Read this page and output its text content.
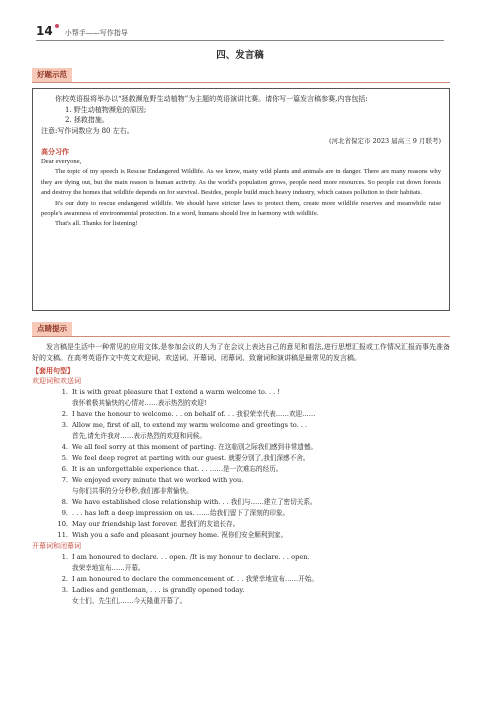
14	小帮手——写作指导
四、发言稿
好题示范
你校英语报将举办以“拯救濒危野生动植物”为主题的英语演讲比赛。请你写一篇发言稿参赛,内容包括:
1. 野生动植物濒危的原因;
2. 拯救措施。
注意:写作词数应为 80 左右。
(河北省保定市 2023 届高三 9 月联考)
高分习作
Dear everyone,
The topic of my speech is Rescue Endangered Wildlife. As we know, many wild plants and animals are in danger. There are many reasons why they are dying out, but the main reason is human activity. As the world's population grows, people need more resources. So people cut down forests and destroy the homes that wildlife depends on for survival. Besides, people build much heavy industry, which causes pollution to their habitats.
It's our duty to rescue endangered wildlife. We should have stricter laws to protect them, create more wildlife reserves and meanwhile raise people's awareness of environmental protection. In a word, humans should live in harmony with wildlife.
That's all. Thanks for listening!
点睛提示
发言稿是生活中一种常见的应用文体,是参加会议的人为了在会议上表达自己的意见和看法,进行思想汇报或工作情况汇报而事先准备好的文稿。在高考英语作文中英文欢迎词、欢送词、开幕词、闭幕词、致谢词和演讲稿是最常见的发言稿。
【套用句型】
欢迎词和欢送词
1. It is with great pleasure that I extend a warm welcome to. . . !
我怀着极其愉快的心情对……表示热烈的欢迎!
2. I have the honour to welcome. . . on behalf of. . . 我很荣幸代表……欢迎……
3. Allow me, first of all, to extend my warm welcome and greetings to. . .
首先,请允许我对……表示热烈的欢迎和问候。
4. We all feel sorry at this moment of parting. 在这临别之际我们感到非常遗憾。
5. We feel deep regret at parting with our guest. 就要分别了,我们深感不舍。
6. It is an unforgettable experience that. . . ……是一次难忘的经历。
7. We enjoyed every minute that we worked with you.
与你们共事的分分秒秒,我们都非常愉快。
8. We have established close relationship with. . . 我们与……建立了密切关系。
9. . . . has left a deep impression on us. ……给我们留下了深刻的印象。
10. May our friendship last forever. 愿我们的友谊长存。
11. Wish you a safe and pleasant journey home. 祝你们安全顺利到家。
开幕词和闭幕词
1. I am honoured to declare. . . open. /It is my honour to declare. . . open.
我荣幸地宣布……开幕。
2. I am honoured to declare the commencement of. . . 我荣幸地宣布……开始。
3. Ladies and gentleman, . . . is grandly opened today.
女士们、先生们,……今天隆重开幕了。
